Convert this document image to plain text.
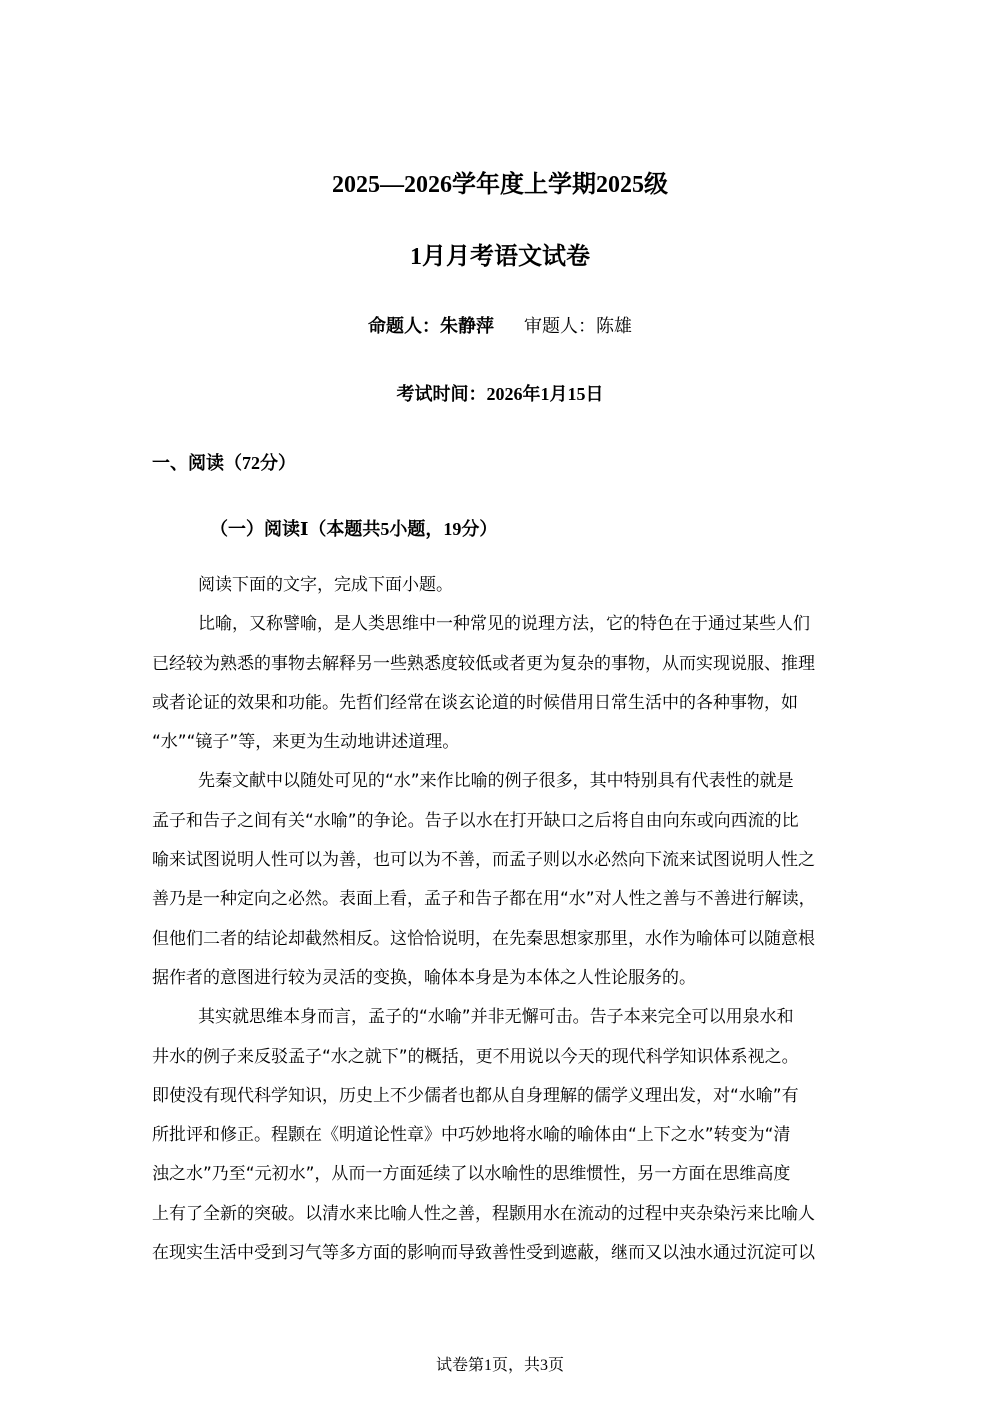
2025—2026学年度上学期2025级
1月月考语文试卷
命题人：朱静萍 审题人：陈雄
考试时间：2026年1月15日
一、阅读（72分）
（一）阅读Ⅰ（本题共5小题，19分）
阅读下面的文字，完成下面小题。
比喻，又称譬喻，是人类思维中一种常见的说理方法，它的特色在于通过某些人们
已经较为熟悉的事物去解释另一些熟悉度较低或者更为复杂的事物，从而实现说服、推理
或者论证的效果和功能。先哲们经常在谈玄论道的时候借用日常生活中的各种事物，如
“水”“镜子”等，来更为生动地讲述道理。
先秦文献中以随处可见的“水”来作比喻的例子很多，其中特别具有代表性的就是
孟子和告子之间有关“水喻”的争论。告子以水在打开缺口之后将自由向东或向西流的比
喻来试图说明人性可以为善，也可以为不善，而孟子则以水必然向下流来试图说明人性之
善乃是一种定向之必然。表面上看，孟子和告子都在用“水”对人性之善与不善进行解读，
但他们二者的结论却截然相反。这恰恰说明，在先秦思想家那里，水作为喻体可以随意根
据作者的意图进行较为灵活的变换，喻体本身是为本体之人性论服务的。
其实就思维本身而言，孟子的“水喻”并非无懈可击。告子本来完全可以用泉水和
井水的例子来反驳孟子“水之就下”的概括，更不用说以今天的现代科学知识体系视之。
即使没有现代科学知识，历史上不少儒者也都从自身理解的儒学义理出发，对“水喻”有
所批评和修正。程颢在《明道论性章》中巧妙地将水喻的喻体由“上下之水”转变为“清
浊之水”乃至“元初水”，从而一方面延续了以水喻性的思维惯性，另一方面在思维高度
上有了全新的突破。以清水来比喻人性之善，程颢用水在流动的过程中夹杂染污来比喻人
在现实生活中受到习气等多方面的影响而导致善性受到遮蔽，继而又以浊水通过沉淀可以
试卷第1页，共3页
